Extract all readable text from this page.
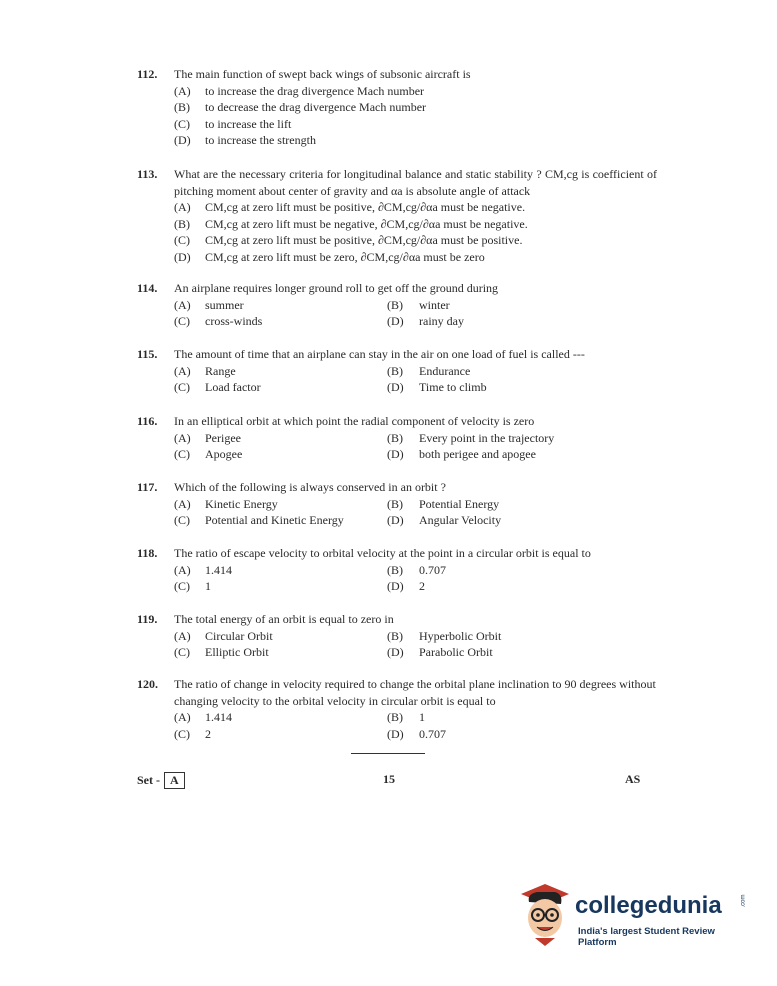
112. The main function of swept back wings of subsonic aircraft is
(A) to increase the drag divergence Mach number
(B) to decrease the drag divergence Mach number
(C) to increase the lift
(D) to increase the strength
113. What are the necessary criteria for longitudinal balance and static stability ? CM,cg is coefficient of pitching moment about center of gravity and αa is absolute angle of attack
(A) CM,cg at zero lift must be positive, ∂CM,cg/∂αa must be negative.
(B) CM,cg at zero lift must be negative, ∂CM,cg/∂αa must be negative.
(C) CM,cg at zero lift must be positive, ∂CM,cg/∂αa must be positive.
(D) CM,cg at zero lift must be zero, ∂CM,cg/∂αa must be zero
114. An airplane requires longer ground roll to get off the ground during
(A) summer	(B) winter
(C) cross-winds	(D) rainy day
115. The amount of time that an airplane can stay in the air on one load of fuel is called ---
(A) Range	(B) Endurance
(C) Load factor	(D) Time to climb
116. In an elliptical orbit at which point the radial component of velocity is zero
(A) Perigee	(B) Every point in the trajectory
(C) Apogee	(D) both perigee and apogee
117. Which of the following is always conserved in an orbit ?
(A) Kinetic Energy	(B) Potential Energy
(C) Potential and Kinetic Energy	(D) Angular Velocity
118. The ratio of escape velocity to orbital velocity at the point in a circular orbit is equal to
(A) 1.414	(B) 0.707
(C) 1	(D) 2
119. The total energy of an orbit is equal to zero in
(A) Circular Orbit	(B) Hyperbolic Orbit
(C) Elliptic Orbit	(D) Parabolic Orbit
120. The ratio of change in velocity required to change the orbital plane inclination to 90 degrees without changing velocity to the orbital velocity in circular orbit is equal to
(A) 1.414	(B) 1
(C) 2	(D) 0.707
Set - A	15	AS
collegedunia	.com
India's largest Student Review Platform
